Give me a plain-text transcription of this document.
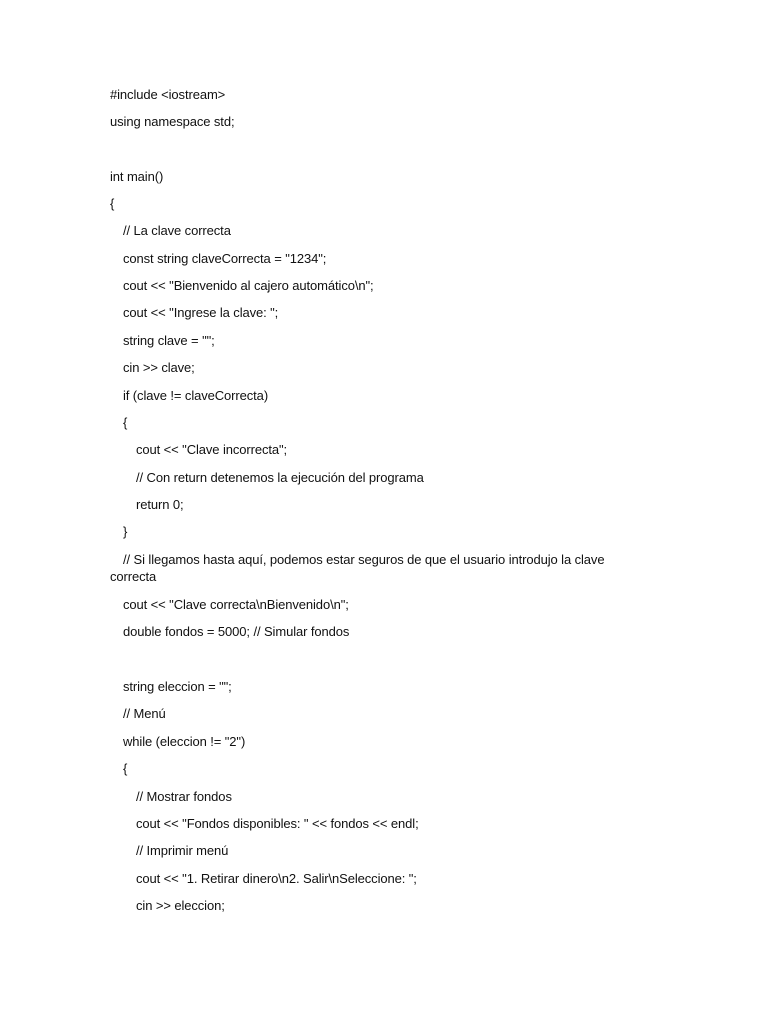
#include <iostream>
using namespace std;
int main()
{
// La clave correcta
const string claveCorrecta = "1234";
cout << "Bienvenido al cajero automático\n";
cout << "Ingrese la clave: ";
string clave = "";
cin >> clave;
if (clave != claveCorrecta)
{
cout << "Clave incorrecta";
// Con return detenemos la ejecución del programa
return 0;
}
// Si llegamos hasta aquí, podemos estar seguros de que el usuario introdujo la clave correcta
cout << "Clave correcta\nBienvenido\n";
double fondos = 5000; // Simular fondos
string eleccion = "";
// Menú
while (eleccion != "2")
{
// Mostrar fondos
cout << "Fondos disponibles: " << fondos << endl;
// Imprimir menú
cout << "1. Retirar dinero\n2. Salir\nSeleccione: ";
cin >> eleccion;
